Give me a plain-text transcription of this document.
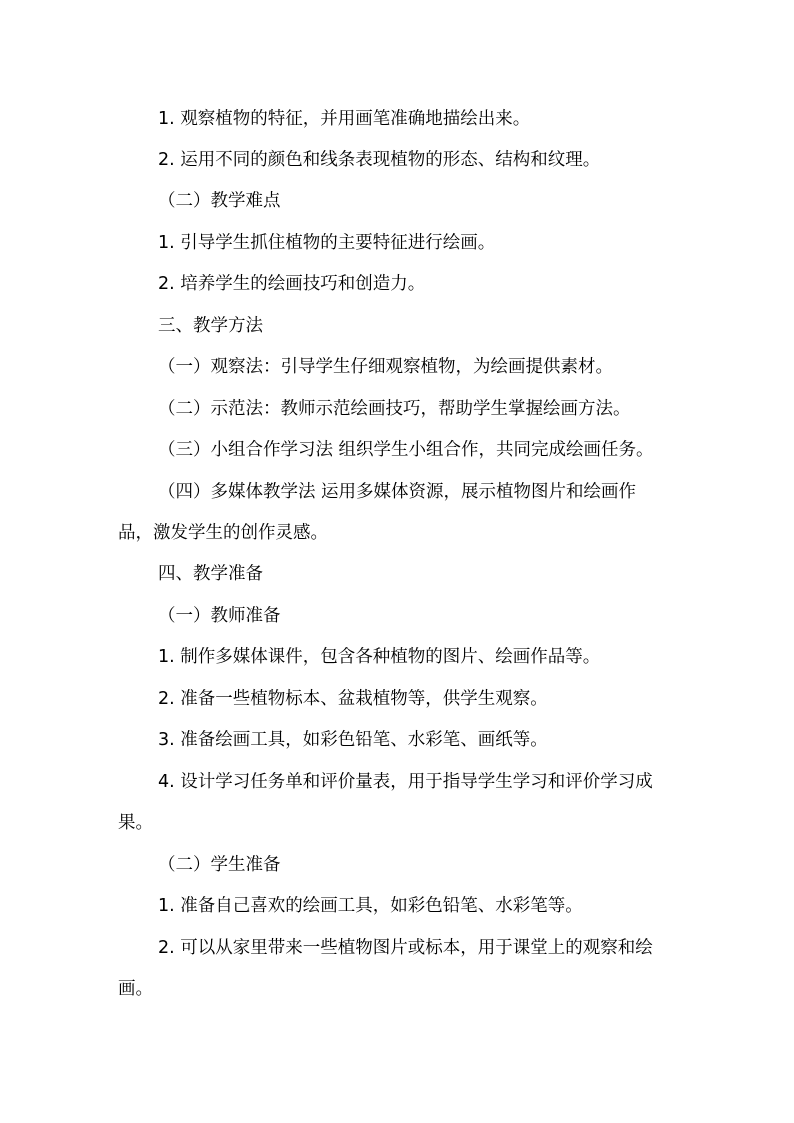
1. 观察植物的特征，并用画笔准确地描绘出来。
2. 运用不同的颜色和线条表现植物的形态、结构和纹理。
（二）教学难点
1. 引导学生抓住植物的主要特征进行绘画。
2. 培养学生的绘画技巧和创造力。
三、教学方法
（一）观察法：引导学生仔细观察植物，为绘画提供素材。
（二）示范法：教师示范绘画技巧，帮助学生掌握绘画方法。
（三）小组合作学习法 组织学生小组合作，共同完成绘画任务。
（四）多媒体教学法 运用多媒体资源，展示植物图片和绘画作
品，激发学生的创作灵感。
四、教学准备
（一）教师准备
1. 制作多媒体课件，包含各种植物的图片、绘画作品等。
2. 准备一些植物标本、盆栽植物等，供学生观察。
3. 准备绘画工具，如彩色铅笔、水彩笔、画纸等。
4. 设计学习任务单和评价量表，用于指导学生学习和评价学习成
果。
（二）学生准备
1. 准备自己喜欢的绘画工具，如彩色铅笔、水彩笔等。
2. 可以从家里带来一些植物图片或标本，用于课堂上的观察和绘
画。
